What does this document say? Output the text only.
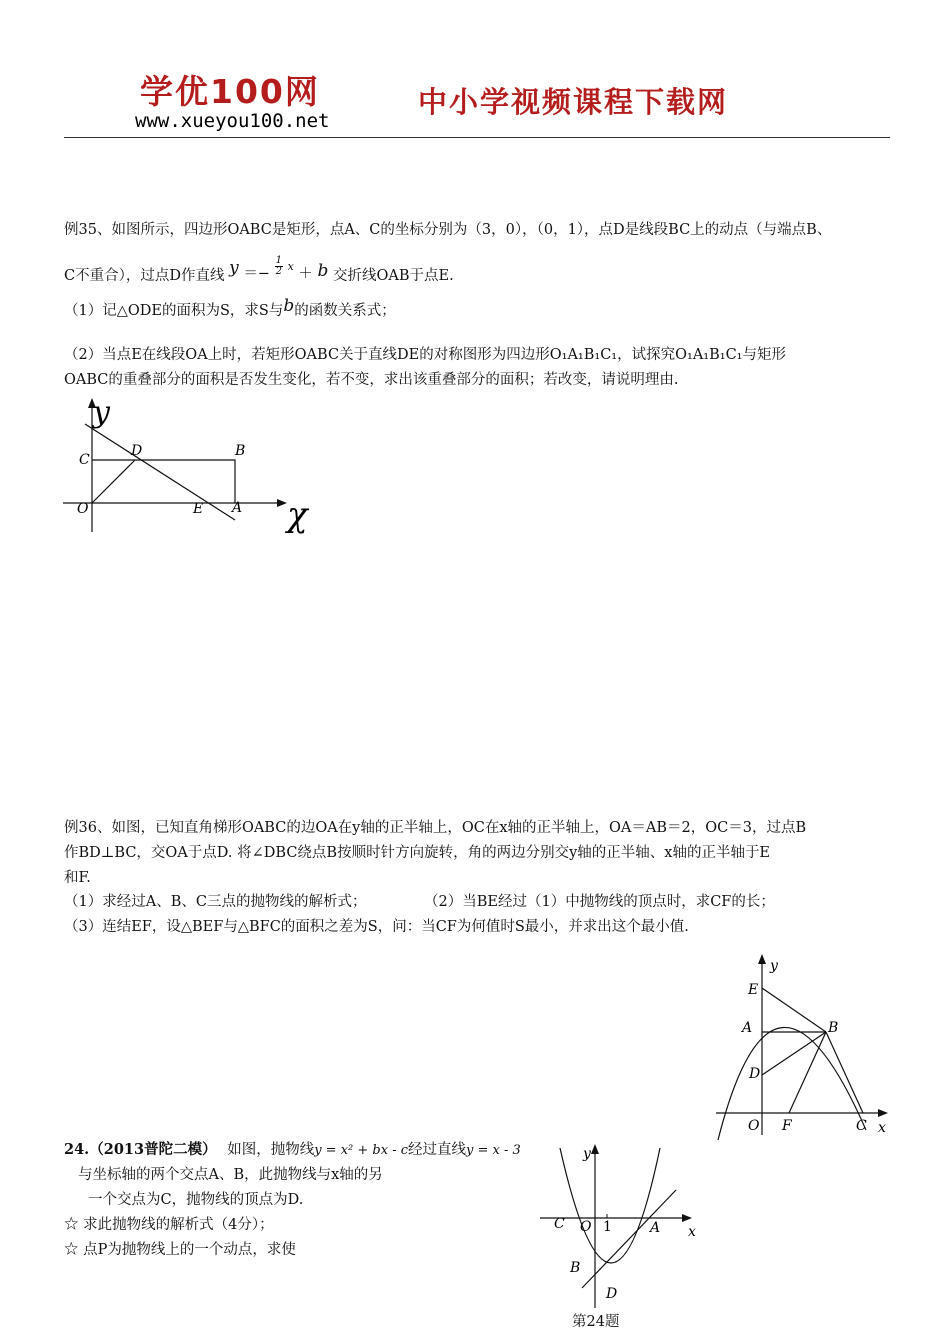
学优100网
www.xueyou100.net
中小学视频课程下载网
例35、如图所示，四边形OABC是矩形，点A、C的坐标分别为（3，0），（0，1），点D是线段BC上的动点（与端点B、
C不重合），过点D作直线 $y =- \frac{1}{2} ^x + b$ 交折线OAB于点E.
（1）记△ODE的面积为S，求S与b的函数关系式；
（2）当点E在线段OA上时，若矩形OABC关于直线DE的对称图形为四边形O₁A₁B₁C₁，试探究O₁A₁B₁C₁与矩形
OABC的重叠部分的面积是否发生变化，若不变，求出该重叠部分的面积；若改变，请说明理由.
y
χ
C
D	B
O	E A
例36、如图，已知直角梯形OABC的边OA在y轴的正半轴上，OC在x轴的正半轴上，OA＝AB＝2，OC＝3，过点B
作BD⊥BC，交OA于点D. 将∠DBC绕点B按顺时针方向旋转，角的两边分别交y轴的正半轴、x轴的正半轴于E
和F.
（1）求经过A、B、C三点的抛物线的解析式；	（2）当BE经过（1）中抛物线的顶点时，求CF的长；
（3）连结EF，设△BEF与△BFC的面积之差为S，问：当CF为何值时S最小，并求出这个最小值.
y
x
E
A	B
D
O F	C
24.（2013普陀二模） 如图，抛物线y = x² + bx - c经过直线y = x - 3
与坐标轴的两个交点A、B，此抛物线与x轴的另
一个交点为C，抛物线的顶点为D.
☆ 求此抛物线的解析式（4分）；
☆ 点P为抛物线上的一个动点，求使
y
x
C O 1	A
B
D
第24题
